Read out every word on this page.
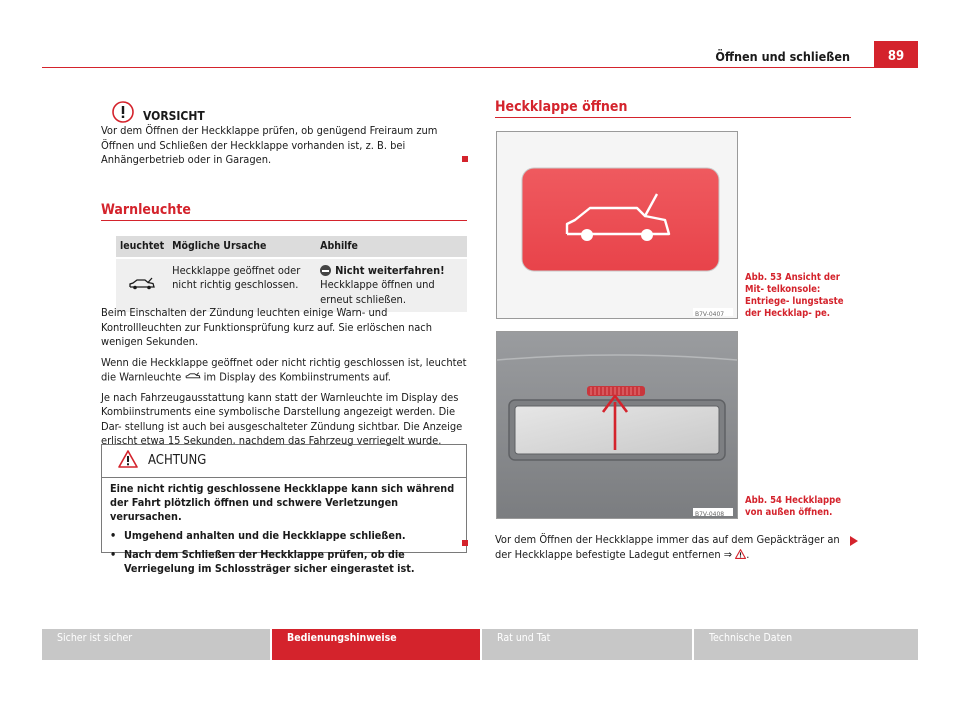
Öffnen und schließen	89
VORSICHT
Vor dem Öffnen der Heckklappe prüfen, ob genügend Freiraum zum Öffnen und Schließen der Heckklappe vorhanden ist, z. B. bei Anhängerbetrieb oder in Garagen.
Warnleuchte
leuchtet	Mögliche Ursache	Abhilfe
	Heckklappe geöffnet oder nicht richtig geschlossen.	Nicht weiterfahren!
Heckklappe öffnen und erneut schließen.

Beim Einschalten der Zündung leuchten einige Warn- und Kontrollleuchten zur Funktionsprüfung kurz auf. Sie erlöschen nach wenigen Sekunden.

Wenn die Heckklappe geöffnet oder nicht richtig geschlossen ist, leuchtet die Warnleuchte im Display des Kombiinstruments auf.

Je nach Fahrzeugausstattung kann statt der Warnleuchte im Display des Kombiinstruments eine symbolische Darstellung angezeigt werden. Die Dar- stellung ist auch bei ausgeschalteter Zündung sichtbar. Die Anzeige erlischt etwa 15 Sekunden, nachdem das Fahrzeug verriegelt wurde.

ACHTUNG

Eine nicht richtig geschlossene Heckklappe kann sich während der Fahrt plötzlich öffnen und schwere Verletzungen verursachen.

• Umgehend anhalten und die Heckklappe schließen.
• Nach dem Schließen der Heckklappe prüfen, ob die Verriegelung im Schlossträger sicher eingerastet ist.
Heckklappe öffnen
B7V-0407
Abb. 53 Ansicht der Mit- telkonsole: Entriege- lungstaste der Heckklap- pe.
B7V-0408
Abb. 54 Heckklappe von außen öffnen.
Vor dem Öffnen der Heckklappe immer das auf dem Gepäckträger an der Heckklappe befestigte Ladegut entfernen ⇒ .
Sicher ist sicher	Bedienungshinweise	Rat und Tat	Technische Daten
